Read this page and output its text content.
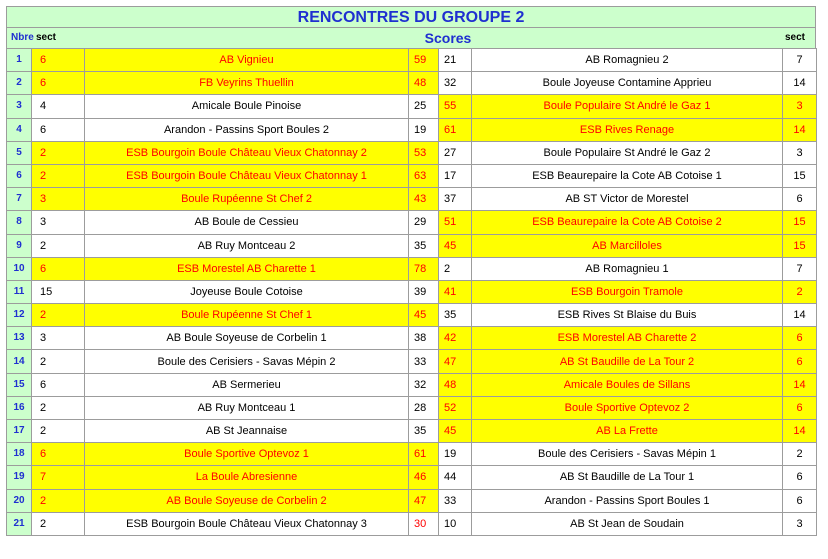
RENCONTRES DU GROUPE 2
Nbre sect	Scores	sect
1	6	AB Vignieu	59	21	AB Romagnieu 2	7
2	6	FB Veyrins Thuellin	48	32	Boule Joyeuse Contamine Apprieu	14
3	4	Amicale Boule Pinoise	25	55	Boule Populaire St André le Gaz 1	3
4	6	Arandon - Passins Sport Boules 2	19	61	ESB Rives Renage	14
5	2	ESB Bourgoin Boule Château Vieux Chatonnay 2	53	27	Boule Populaire St André le Gaz 2	3
6	2	ESB Bourgoin Boule Château Vieux Chatonnay 1	63	17	ESB Beaurepaire la Cote AB Cotoise 1	15
7	3	Boule Rupéenne St Chef 2	43	37	AB ST Victor de Morestel	6
8	3	AB Boule de Cessieu	29	51	ESB Beaurepaire la Cote AB Cotoise 2	15
9	2	AB Ruy Montceau 2	35	45	AB Marcilloles	15
10	6	ESB Morestel AB Charette 1	78	2	AB Romagnieu 1	7
11	15	Joyeuse Boule Cotoise	39	41	ESB Bourgoin Tramole	2
12	2	Boule Rupéenne St Chef 1	45	35	ESB Rives St Blaise du Buis	14
13	3	AB Boule Soyeuse de Corbelin 1	38	42	ESB Morestel AB Charette 2	6
14	2	Boule des Cerisiers - Savas Mépin 2	33	47	AB St Baudille de La Tour 2	6
15	6	AB Sermerieu	32	48	Amicale Boules de Sillans	14
16	2	AB Ruy Montceau 1	28	52	Boule Sportive Optevoz 2	6
17	2	AB St Jeannaise	35	45	AB La Frette	14
18	6	Boule Sportive Optevoz 1	61	19	Boule des Cerisiers - Savas Mépin 1	2
19	7	La Boule Abresienne	46	44	AB St Baudille de La Tour 1	6
20	2	AB Boule Soyeuse de Corbelin 2	47	33	Arandon - Passins Sport Boules 1	6
21	2	ESB Bourgoin Boule Château Vieux Chatonnay 3	30	10	AB St Jean de Soudain	3
